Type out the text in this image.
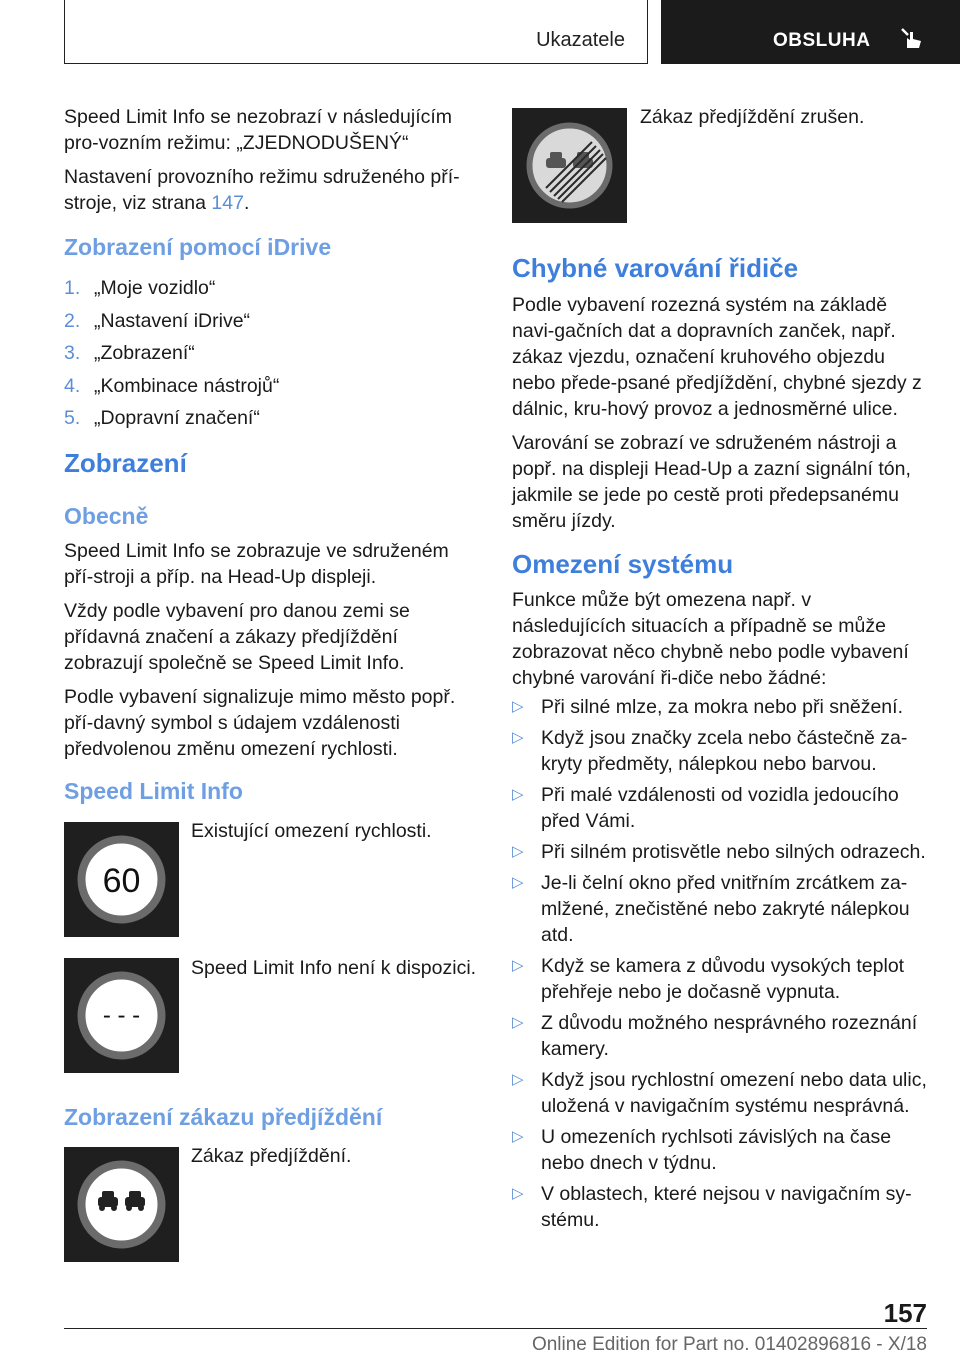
Ukazatele	OBSLUHA

Speed Limit Info se nezobrazí v následujícím pro-vozním režimu: „ZJEDNODUŠENÝ“

Nastavení provozního režimu sdruženého pří-stroje, viz strana 147.

Zobrazení pomocí iDrive
1. „Moje vozidlo“
2. „Nastavení iDrive“
3. „Zobrazení“
4. „Kombinace nástrojů“
5. „Dopravní značení“
Zobrazení
Obecně

Speed Limit Info se zobrazuje ve sdruženém pří-stroji a příp. na Head-Up displeji.

Vždy podle vybavení pro danou zemi se přídavná značení a zákazy předjíždění zobrazují společně se Speed Limit Info.

Podle vybavení signalizuje mimo město popř. pří-davný symbol s údajem vzdálenosti předvolenou změnu omezení rychlosti.

Speed Limit Info
60
Existující omezení rychlosti.
- - -
Speed Limit Info není k dispozici.
Zobrazení zákazu předjíždění
Zákaz předjíždění.
Zákaz předjíždění zrušen.
Chybné varování řidiče

Podle vybavení rozezná systém na základě navi-gačních dat a dopravních zanček, např. zákaz vjezdu, označení kruhového objezdu nebo přede-psané předjíždění, chybné sjezdy z dálnic, kru-hový provoz a jednosměrné ulice.

Varování se zobrazí ve sdruženém nástroji a popř. na displeji Head-Up a zazní signální tón, jakmile se jede po cestě proti předepsanému směru jízdy.

Omezení systému

Funkce může být omezena např. v následujících situacích a případně se může zobrazovat něco chybně nebo podle vybavení chybné varování ři-diče nebo žádné:

▷ Při silné mlze, za mokra nebo při sněžení.
▷ Když jsou značky zcela nebo částečně za-kryty předměty, nálepkou nebo barvou.
▷ Při malé vzdálenosti od vozidla jedoucího před Vámi.
▷ Při silném protisvětle nebo silných odrazech.
▷ Je-li čelní okno před vnitřním zrcátkem za-mlžené, znečistěné nebo zakryté nálepkou atd.
▷ Když se kamera z důvodu vysokých teplot přehřeje nebo je dočasně vypnuta.
▷ Z důvodu možného nesprávného rozeznání kamery.
▷ Když jsou rychlostní omezení nebo data ulic, uložená v navigačním systému nesprávná.
▷ U omezeních rychlsoti závislých na čase nebo dnech v týdnu.
▷ V oblastech, které nejsou v navigačním sy-stému.
157
Online Edition for Part no. 01402896816 - X/18
